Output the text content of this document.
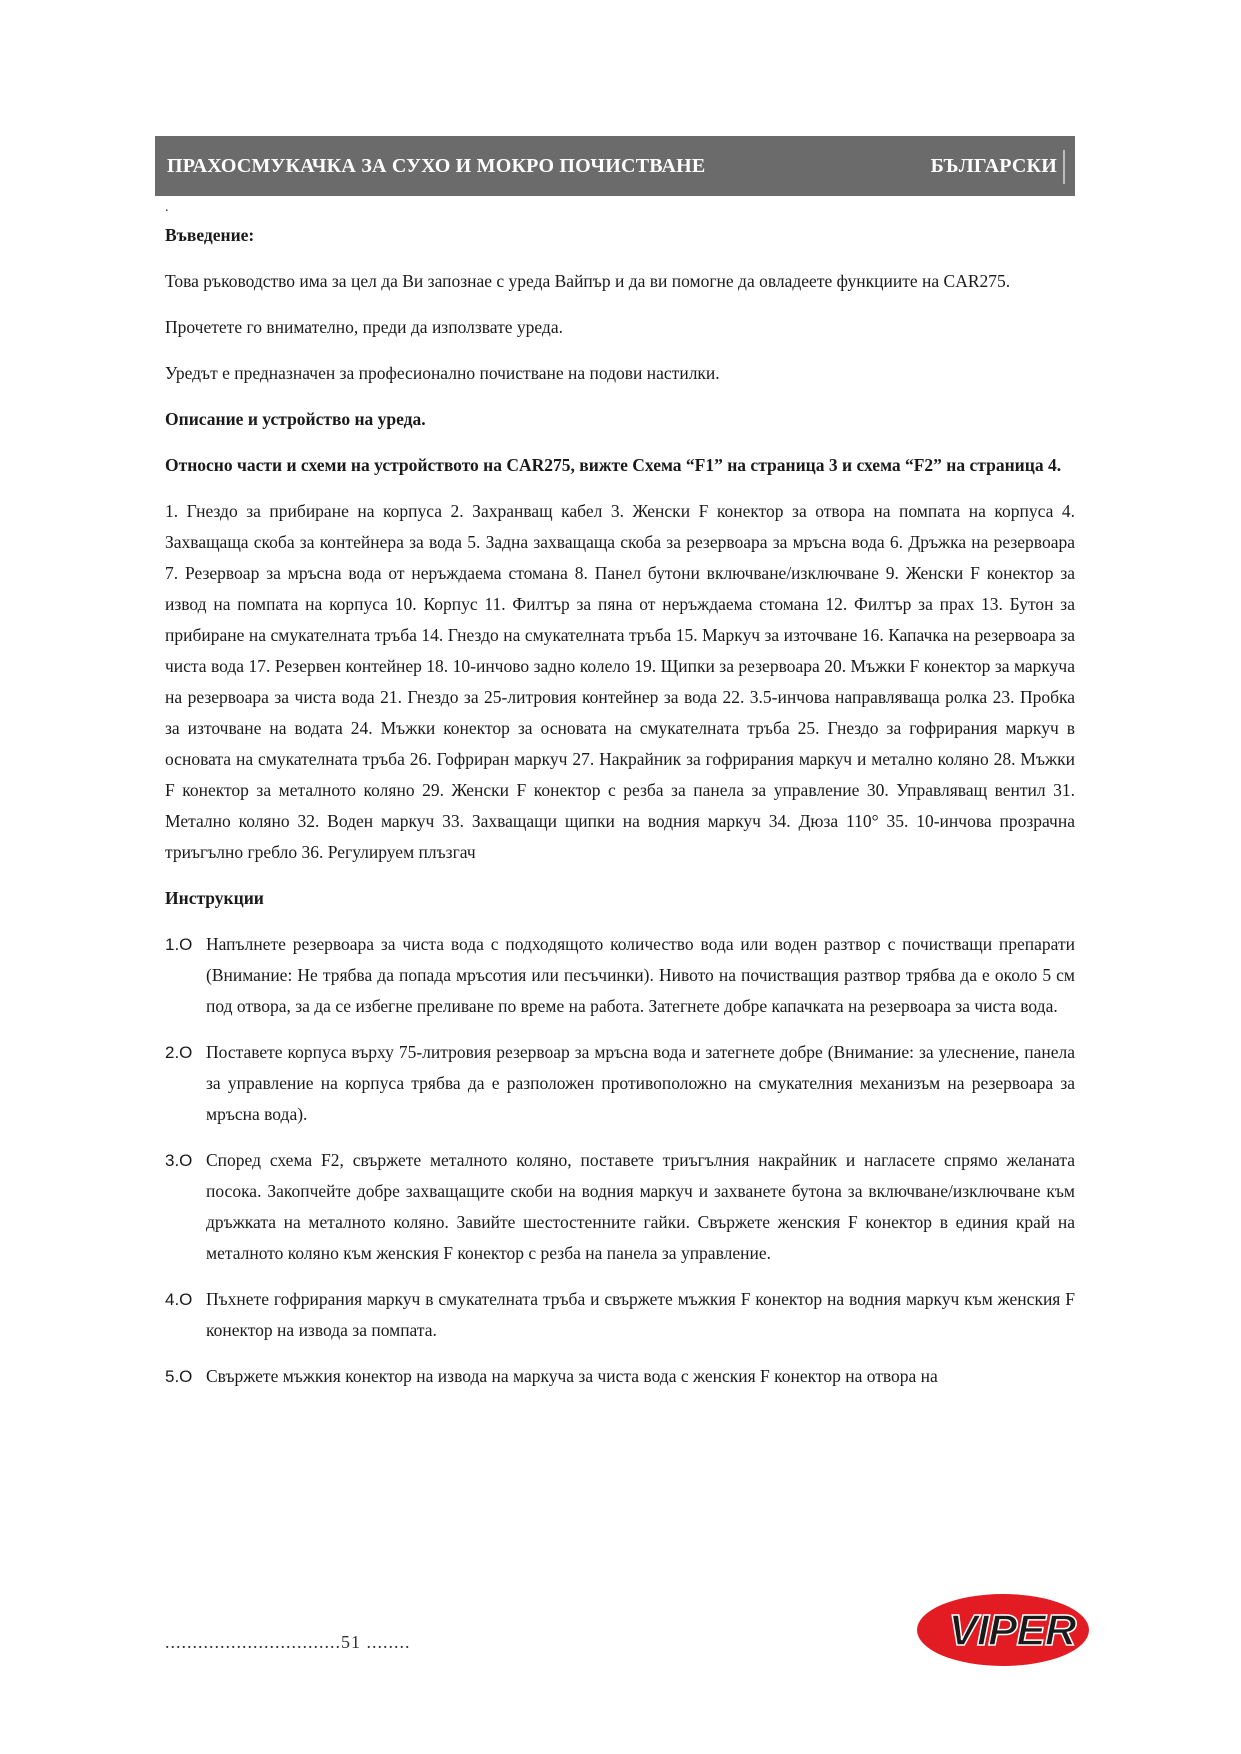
ПРАХОСМУКАЧКА ЗА СУХО И МОКРО ПОЧИСТВАНЕ	БЪЛГАРСКИ
.

Въведение:

Това ръководство има за цел да Ви запознае с уреда Вайпър и да ви помогне да овладеете функциите на CAR275.

Прочетете го внимателно, преди да използвате уреда.

Уредът е предназначен за професионално почистване на подови настилки.

Описание и устройство на уреда.

Относно части и схеми на устройството на CAR275, вижте Схема “F1” на страница 3 и схема “F2” на страница 4.

1. Гнездо за прибиране на корпуса 2. Захранващ кабел 3. Женски F конектор за отвора на помпата на корпуса 4. Захващаща скоба за контейнера за вода 5. Задна захващаща скоба за резервоара за мръсна вода 6. Дръжка на резервоара 7. Резервоар за мръсна вода от неръждаема стомана 8. Панел бутони включване/изключване 9. Женски F конектор за извод на помпата на корпуса 10. Корпус 11. Филтър за пяна от неръждаема стомана 12. Филтър за прах 13. Бутон за прибиране на смукателната тръба 14. Гнездо на смукателната тръба 15. Маркуч за източване 16. Капачка на резервоара за чиста вода 17. Резервен контейнер 18. 10-инчово задно колело 19. Щипки за резервоара 20. Мъжки F конектор за маркуча на резервоара за чиста вода 21. Гнездо за 25-литровия контейнер за вода 22. 3.5-инчова направляваща ролка 23. Пробка за източване на водата 24. Мъжки конектор за основата на смукателната тръба 25. Гнездо за гофрирания маркуч в основата на смукателната тръба 26. Гофриран маркуч 27. Накрайник за гофрирания маркуч и метално коляно 28. Мъжки F конектор за металното коляно 29. Женски F конектор с резба за панела за управление 30. Управляващ вентил 31. Метално коляно 32. Воден маркуч 33. Захващащи щипки на водния маркуч 34. Дюза 110° 35. 10-инчова прозрачна триъгълно гребло 36. Регулируем плъзгач

Инструкции

1.O Напълнете резервоара за чиста вода с подходящото количество вода или воден разтвор с почистващи препарати (Внимание: Не трябва да попада мръсотия или песъчинки). Нивото на почистващия разтвор трябва да е около 5 см под отвора, за да се избегне преливане по време на работа. Затегнете добре капачката на резервоара за чиста вода.
2.O Поставете корпуса върху 75-литровия резервоар за мръсна вода и затегнете добре (Внимание: за улеснение, панела за управление на корпуса трябва да е разположен противоположно на смукателния механизъм на резервоара за мръсна вода).
3.O Според схема F2, свържете металното коляно, поставете триъгълния накрайник и нагласете спрямо желаната посока. Закопчейте добре захващащите скоби на водния маркуч и захванете бутона за включване/изключване към дръжката на металното коляно. Завийте шестостенните гайки. Свържете женския F конектор в единия край на металното коляно към женския F конектор с резба на панела за управление.
4.O Пъхнете гофрирания маркуч в смукателната тръба и свържете мъжкия F конектор на водния маркуч към женския F конектор на извода за помпата.
5.O Свържете мъжкия конектор на извода на маркуча за чиста вода с женския F конектор на отвора на
................................51 ........	VIPER
